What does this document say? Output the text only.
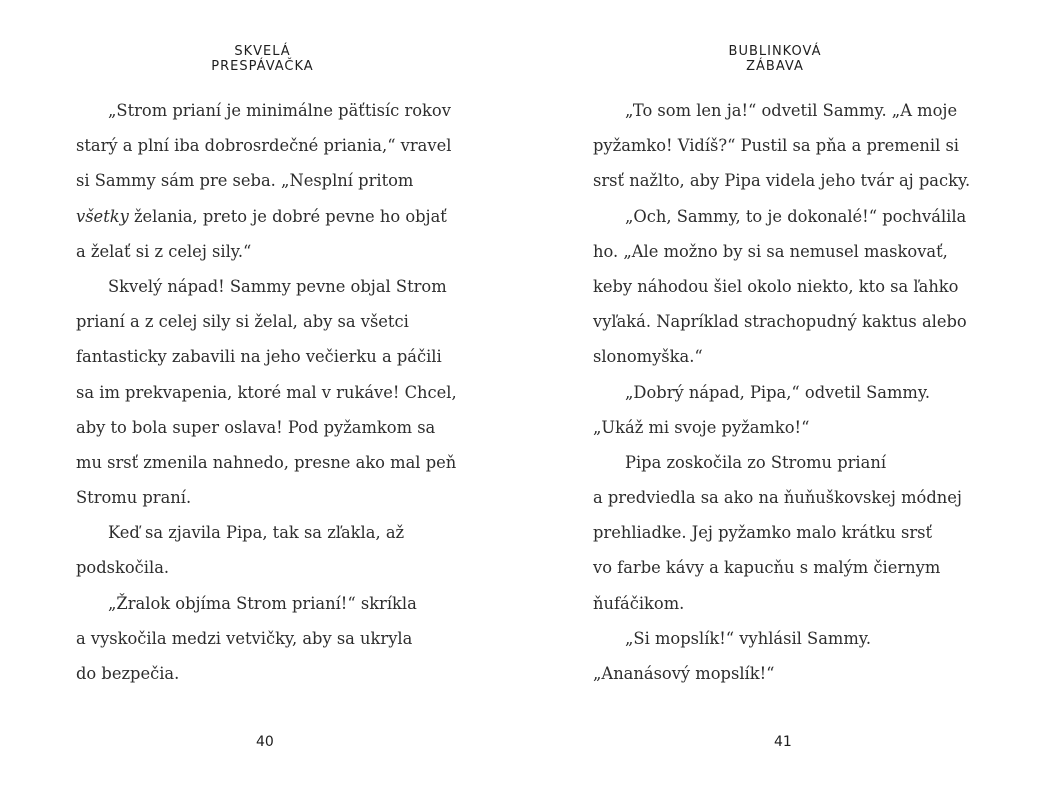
SKVELÁ PRESPÁVAČKA
„Strom prianí je minimálne päťtisíc rokov
starý a plní iba dobrosrdečné priania,“ vravel
si Sammy sám pre seba. „Nesplní pritom
všetky želania, preto je dobré pevne ho objať
a želať si z celej sily.“
Skvelý nápad! Sammy pevne objal Strom
prianí a z celej sily si želal, aby sa všetci
fantasticky zabavili na jeho večierku a páčili
sa im prekvapenia, ktoré mal v rukáve! Chcel,
aby to bola super oslava! Pod pyžamkom sa
mu srsť zmenila nahnedo, presne ako mal peň
Stromu praní.
Keď sa zjavila Pipa, tak sa zľakla, až
podskočila.
„Žralok objíma Strom prianí!“ skríkla
a vyskočila medzi vetvičky, aby sa ukryla
do bezpečia.
40
BUBLINKOVÁ ZÁBAVA
„To som len ja!“ odvetil Sammy. „A moje
pyžamko! Vidíš?“ Pustil sa pňa a premenil si
srsť nažlto, aby Pipa videla jeho tvár aj packy.
„Och, Sammy, to je dokonalé!“ pochválila
ho. „Ale možno by si sa nemusel maskovať,
keby náhodou šiel okolo niekto, kto sa ľahko
vyľaká. Napríklad strachopudný kaktus alebo
slonomyška.“
„Dobrý nápad, Pipa,“ odvetil Sammy.
„Ukáž mi svoje pyžamko!“
Pipa zoskočila zo Stromu prianí
a predviedla sa ako na ňuňuškovskej módnej
prehliadke. Jej pyžamko malo krátku srsť
vo farbe kávy a kapucňu s malým čiernym
ňufáčikom.
„Si mopslík!“ vyhlásil Sammy.
„Ananásový mopslík!“
41
